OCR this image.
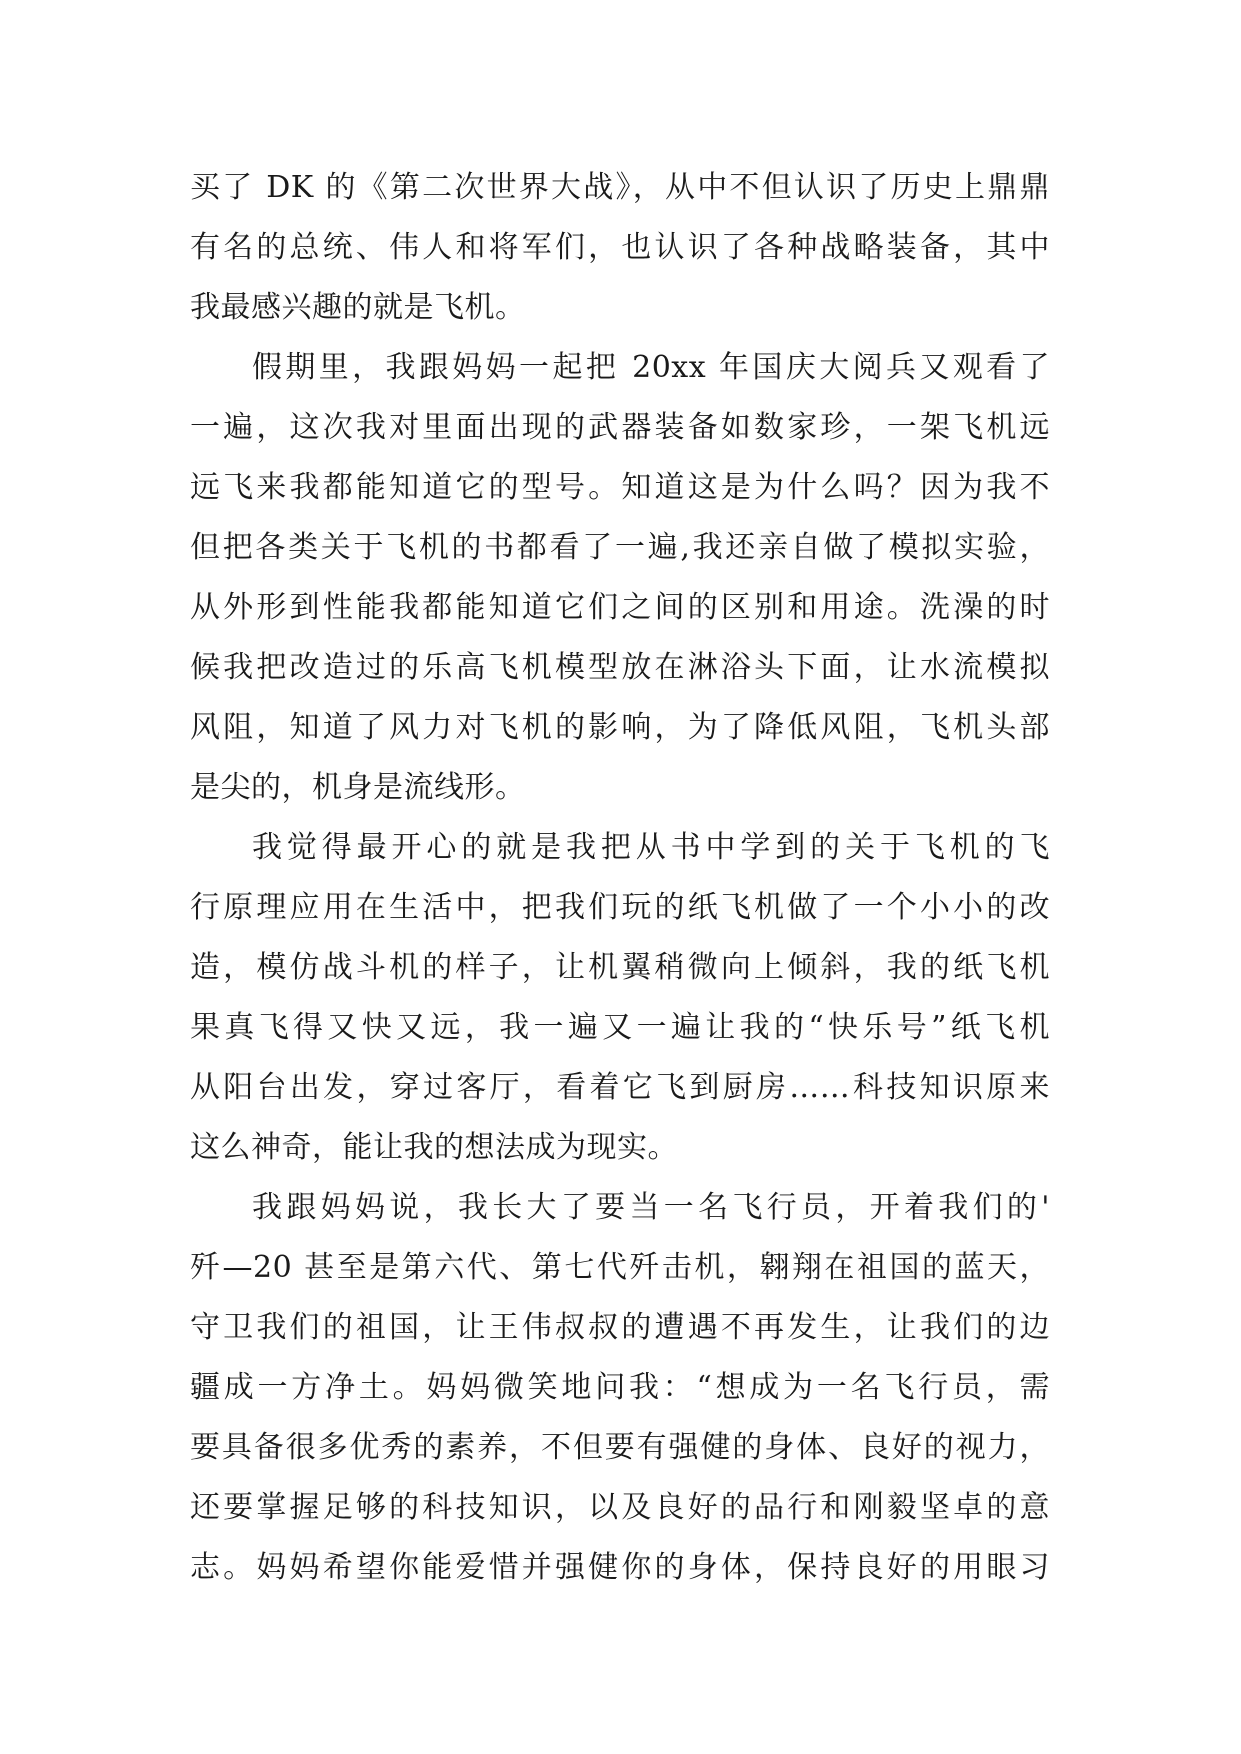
买了 DK 的《第二次世界大战》，从中不但认识了历史上鼎鼎
有名的总统、伟人和将军们，也认识了各种战略装备，其中
我最感兴趣的就是飞机。
假期里，我跟妈妈一起把 20xx 年国庆大阅兵又观看了
一遍，这次我对里面出现的武器装备如数家珍，一架飞机远
远飞来我都能知道它的型号。知道这是为什么吗？因为我不
但把各类关于飞机的书都看了一遍,我还亲自做了模拟实验，
从外形到性能我都能知道它们之间的区别和用途。洗澡的时
候我把改造过的乐高飞机模型放在淋浴头下面，让水流模拟
风阻，知道了风力对飞机的影响，为了降低风阻，飞机头部
是尖的，机身是流线形。
我觉得最开心的就是我把从书中学到的关于飞机的飞
行原理应用在生活中，把我们玩的纸飞机做了一个小小的改
造，模仿战斗机的样子，让机翼稍微向上倾斜，我的纸飞机
果真飞得又快又远，我一遍又一遍让我的“快乐号”纸飞机
从阳台出发，穿过客厅，看着它飞到厨房……科技知识原来
这么神奇，能让我的想法成为现实。
我跟妈妈说，我长大了要当一名飞行员，开着我们的'
歼—20 甚至是第六代、第七代歼击机，翱翔在祖国的蓝天，
守卫我们的祖国，让王伟叔叔的遭遇不再发生，让我们的边
疆成一方净土。妈妈微笑地问我：“想成为一名飞行员，需
要具备很多优秀的素养，不但要有强健的身体、良好的视力，
还要掌握足够的科技知识，以及良好的品行和刚毅坚卓的意
志。妈妈希望你能爱惜并强健你的身体，保持良好的用眼习
